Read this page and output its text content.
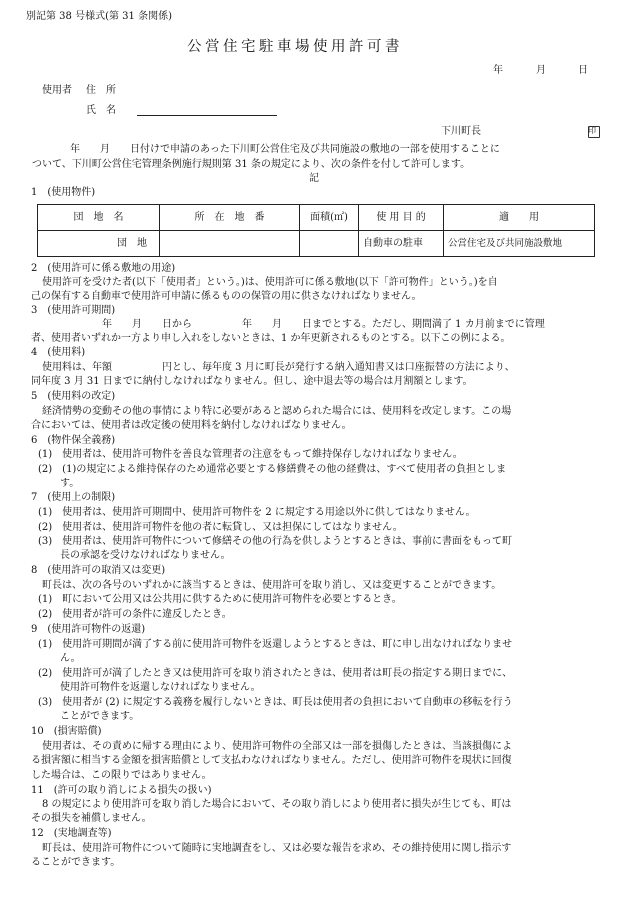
別記第 38 号様式(第 31 条関係)
公営住宅駐車場使用許可書
年	月	日
使用者 住　所
氏　名
下川町長	印
　　年　　月　　日付けで申請のあった下川町公営住宅及び共同施設の敷地の一部を使用することに
ついて、下川町公営住宅管理条例施行規則第 31 条の規定により、次の条件を付して許可します。
記
1　(使用物件)
団　地　名	所　在　地　番	面積(㎡)	使 用 目 的	適　　用
団　地			自動車の駐車	公営住宅及び共同施設敷地
2　(使用許可に係る敷地の用途)
使用許可を受けた者(以下「使用者」という。)は、使用許可に係る敷地(以下「許可物件」という。)を自
己の保有する自動車で使用許可申請に係るものの保管の用に供さなければなりません。
3　(使用許可期間)
年　　月　　日から　　　　　年　　月　　日までとする。ただし、期間満了 1 カ月前までに管理
者、使用者いずれか一方より申し入れをしないときは、1 か年更新されるものとする。以下この例による。
4　(使用料)
使用料は、年額　　　　　円とし、毎年度 3 月に町長が発行する納入通知書又は口座振替の方法により、
同年度 3 月 31 日までに納付しなければなりません。但し、途中退去等の場合は月割額とします。
5　(使用料の改定)
経済情勢の変動その他の事情により特に必要があると認められた場合には、使用料を改定します。この場
合においては、使用者は改定後の使用料を納付しなければなりません。
6　(物件保全義務)
(1)　使用者は、使用許可物件を善良な管理者の注意をもって維持保存しなければなりません。
(2)　(1)の規定による維持保存のため通常必要とする修繕費その他の経費は、すべて使用者の負担としま
す。
7　(使用上の制限)
(1)　使用者は、使用許可期間中、使用許可物件を 2 に規定する用途以外に供してはなりません。
(2)　使用者は、使用許可物件を他の者に転貸し、又は担保にしてはなりません。
(3)　使用者は、使用許可物件について修繕その他の行為を供しようとするときは、事前に書面をもって町
長の承認を受けなければなりません。
8　(使用許可の取消又は変更)
町長は、次の各号のいずれかに該当するときは、使用許可を取り消し、又は変更することができます。
(1)　町において公用又は公共用に供するために使用許可物件を必要とするとき。
(2)　使用者が許可の条件に違反したとき。
9　(使用許可物件の返還)
(1)　使用許可期間が満了する前に使用許可物件を返還しようとするときは、町に申し出なければなりませ
ん。
(2)　使用許可が満了したとき又は使用許可を取り消されたときは、使用者は町長の指定する期日までに、
使用許可物件を返還しなければなりません。
(3)　使用者が (2) に規定する義務を履行しないときは、町長は使用者の負担において自動車の移転を行う
ことができます。
10　(損害賠償)
使用者は、その責めに帰する理由により、使用許可物件の全部又は一部を損傷したときは、当該損傷によ
る損害額に相当する金額を損害賠償として支払わなければなりません。ただし、使用許可物件を現状に回復
した場合は、この限りではありません。
11　(許可の取り消しによる損失の扱い)
8 の規定により使用許可を取り消した場合において、その取り消しにより使用者に損失が生じても、町は
その損失を補償しません。
12　(実地調査等)
町長は、使用許可物件について随時に実地調査をし、又は必要な報告を求め、その維持使用に関し指示す
ることができます。
